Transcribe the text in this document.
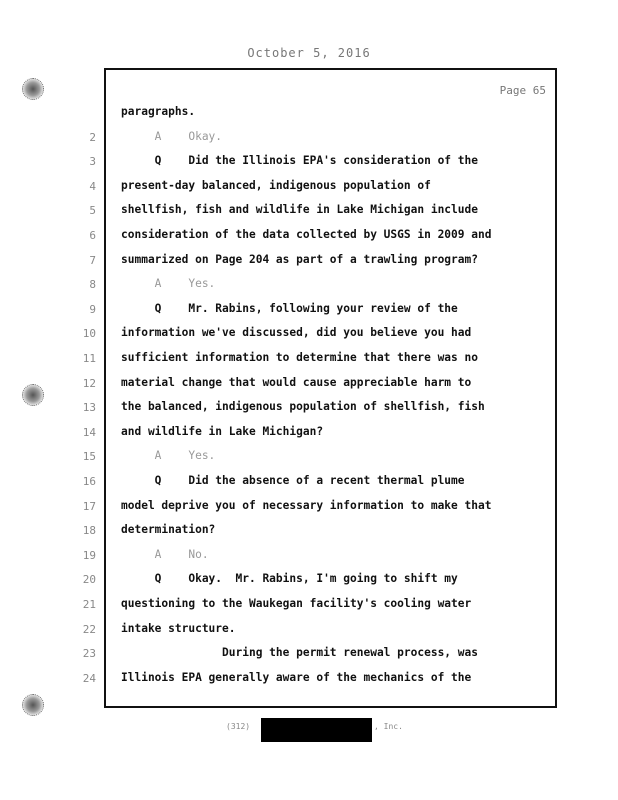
October 5, 2016
Page 65
paragraphs.
2 A    Okay.
3 Q    Did the Illinois EPA's consideration of the
4 present-day balanced, indigenous population of
5 shellfish, fish and wildlife in Lake Michigan include
6 consideration of the data collected by USGS in 2009 and
7 summarized on Page 204 as part of a trawling program?
8 A    Yes.
9 Q    Mr. Rabins, following your review of the
10 information we've discussed, did you believe you had
11 sufficient information to determine that there was no
12 material change that would cause appreciable harm to
13 the balanced, indigenous population of shellfish, fish
14 and wildlife in Lake Michigan?
15 A    Yes.
16 Q    Did the absence of a recent thermal plume
17 model deprive you of necessary information to make that
18 determination?
19 A    No.
20 Q    Okay.  Mr. Rabins, I'm going to shift my
21 questioning to the Waukegan facility's cooling water
22 intake structure.
23 During the permit renewal process, was
24 Illinois EPA generally aware of the mechanics of the
(312)	, Inc.
